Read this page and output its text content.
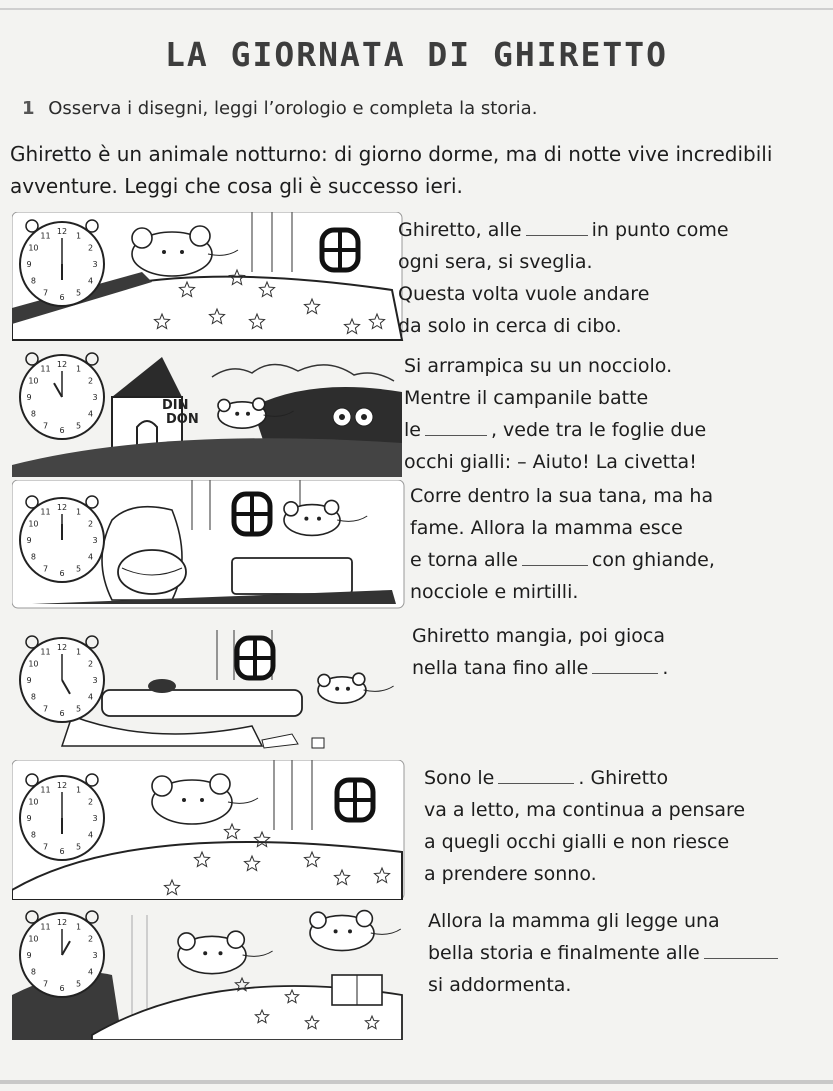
LA GIORNATA DI GHIRETTO
1 Osserva i disegni, leggi l’orologio e completa la storia.
Ghiretto è un animale notturno: di giorno dorme, ma di notte vive incredibili avventure. Leggi che cosa gli è successo ieri.
1
2
3
4
5
6
7
8
9
10
11 12
DIN
DON
1
2
3
4
5
6
7
8
9
10
11 12
1
2
3
4
5
6
7
8
9
10
11 12
1
2
3
4
5
6
7
8
9
10
11 12
1
2
3
4
5
6
7
8
9
10
11 12
1
2
3
4
5
6
7
8
9
10
11 12
Ghiretto, alle	in punto come
ogni sera, si sveglia.
Questa volta vuole andare
da solo in cerca di cibo.
Si arrampica su un nocciolo.
Mentre il campanile batte
le	, vede tra le foglie due
occhi gialli: – Aiuto! La civetta!
Corre dentro la sua tana, ma ha
fame. Allora la mamma esce
e torna alle	con ghiande,
nocciole e mirtilli.
Ghiretto mangia, poi gioca
nella tana fino alle	.
Sono le	. Ghiretto
va a letto, ma continua a pensare
a quegli occhi gialli e non riesce
a prendere sonno.
Allora la mamma gli legge una
bella storia e finalmente alle
si addormenta.
